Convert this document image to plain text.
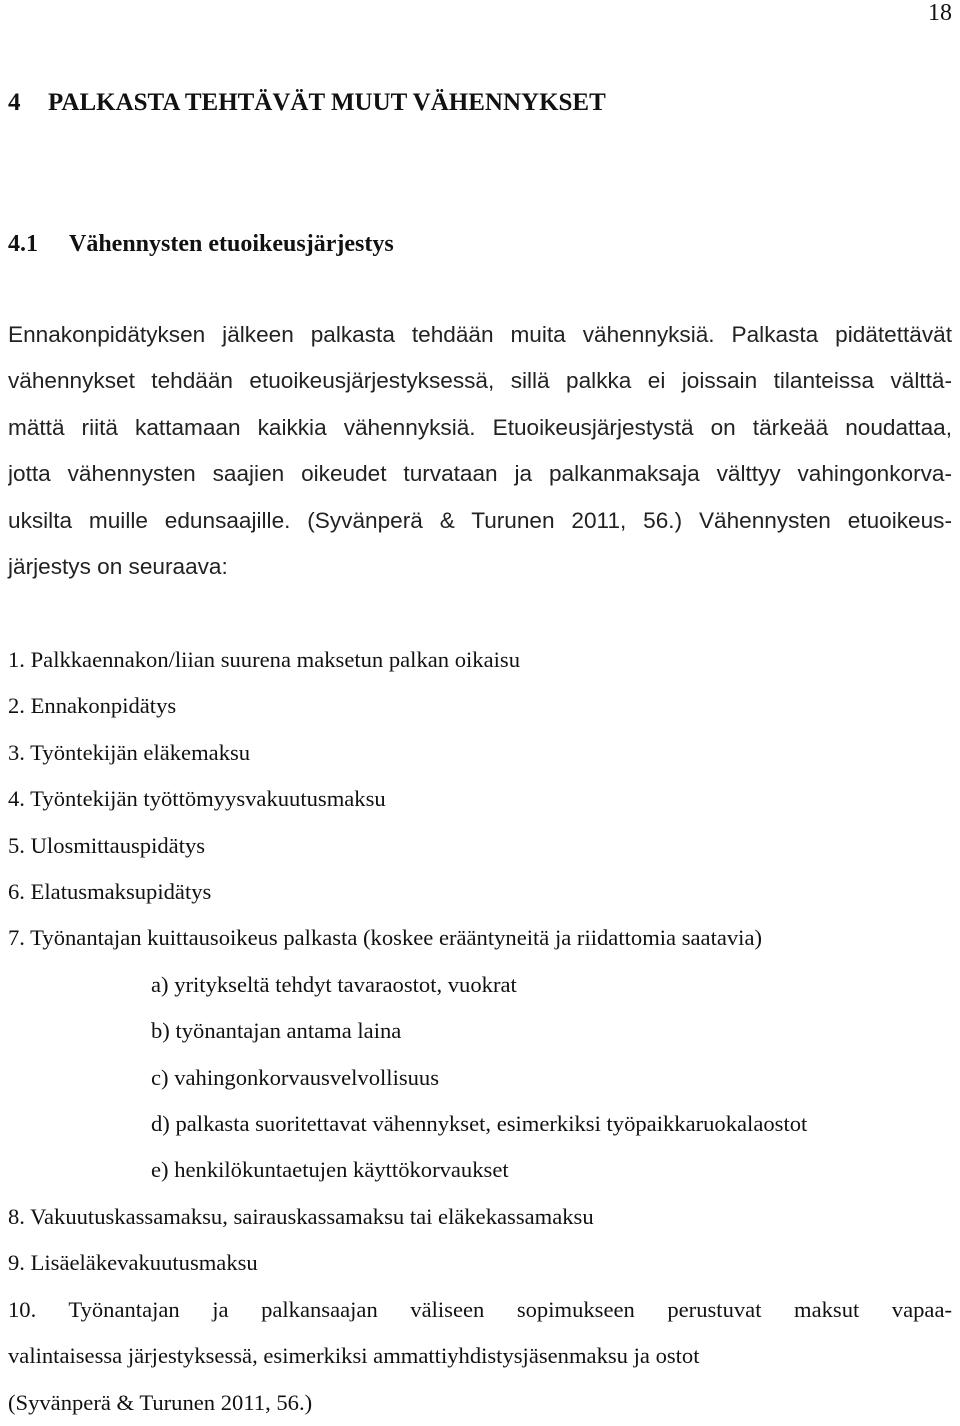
18
4 PALKASTA TEHTÄVÄT MUUT VÄHENNYKSET
4.1 Vähennysten etuoikeusjärjestys
Ennakonpidätyksen jälkeen palkasta tehdään muita vähennyksiä. Palkasta pidätettävät
vähennykset tehdään etuoikeusjärjestyksessä, sillä palkka ei joissain tilanteissa välttä-
mättä riitä kattamaan kaikkia vähennyksiä. Etuoikeusjärjestystä on tärkeää noudattaa,
jotta vähennysten saajien oikeudet turvataan ja palkanmaksaja välttyy vahingonkorva-
uksilta muille edunsaajille. (Syvänperä & Turunen 2011, 56.) Vähennysten etuoikeus-
järjestys on seuraava:
1. Palkkaennakon/liian suurena maksetun palkan oikaisu
2. Ennakonpidätys
3. Työntekijän eläkemaksu
4. Työntekijän työttömyysvakuutusmaksu
5. Ulosmittauspidätys
6. Elatusmaksupidätys
7. Työnantajan kuittausoikeus palkasta (koskee erääntyneitä ja riidattomia saatavia)
a) yritykseltä tehdyt tavaraostot, vuokrat
b) työnantajan antama laina
c) vahingonkorvausvelvollisuus
d) palkasta suoritettavat vähennykset, esimerkiksi työpaikkaruokalaostot
e) henkilökuntaetujen käyttökorvaukset
8. Vakuutuskassamaksu, sairauskassamaksu tai eläkekassamaksu
9. Lisäeläkevakuutusmaksu
10. Työnantajan ja palkansaajan väliseen sopimukseen perustuvat maksut vapaa-
valintaisessa järjestyksessä, esimerkiksi ammattiyhdistysjäsenmaksu ja ostot
(Syvänperä & Turunen 2011, 56.)
